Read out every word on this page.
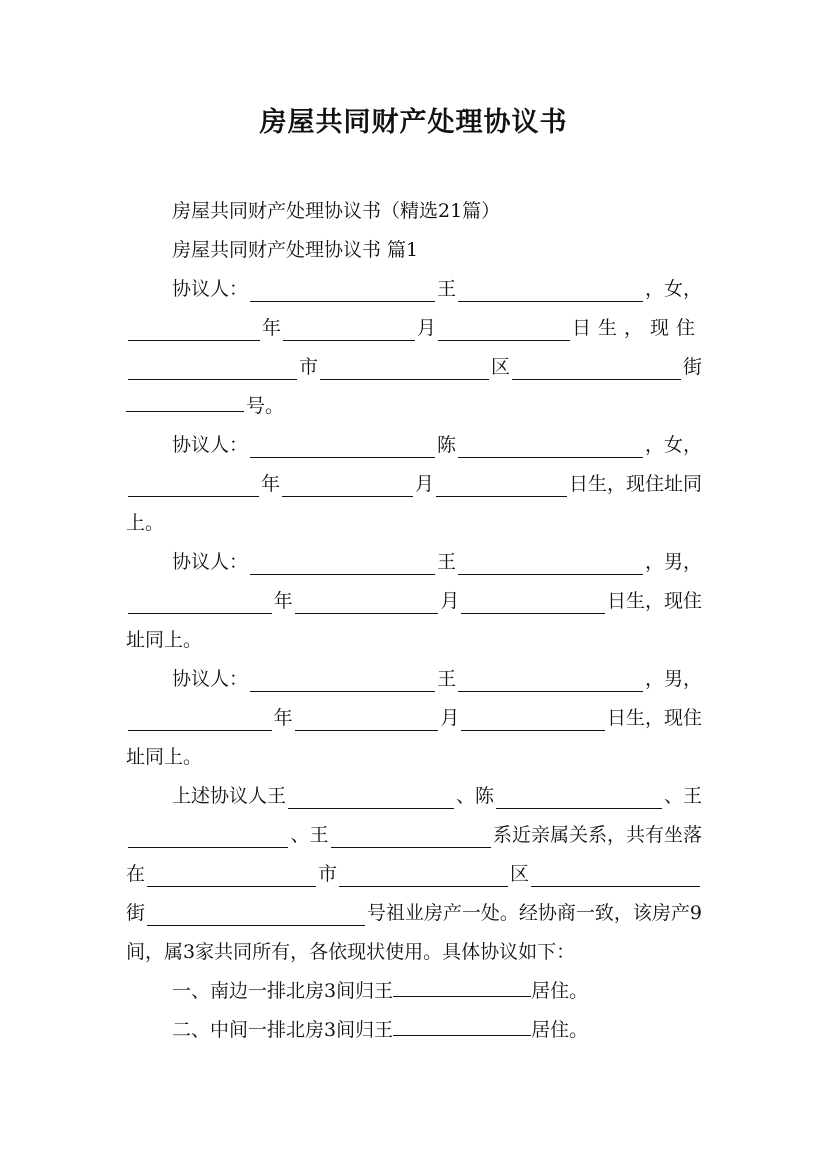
房屋共同财产处理协议书
房屋共同财产处理协议书（精选21篇）
房屋共同财产处理协议书 篇1
协议人：	王	，女，
年	月	日生，现住
市	区	街
号。
协议人：	陈	，女，
年	月	日生，现住址同
上。
协议人：	王	，男，
年	月	日生，现住
址同上。
协议人：	王	，男，
年	月	日生，现住
址同上。
上述协议人王	、陈	、王
、王	系近亲属关系，共有坐落
在	市	区
街	号祖业房产一处。经协商一致，该房产9
间，属3家共同所有，各依现状使用。具体协议如下：
一、南边一排北房3间归王	居住。
二、中间一排北房3间归王	居住。
